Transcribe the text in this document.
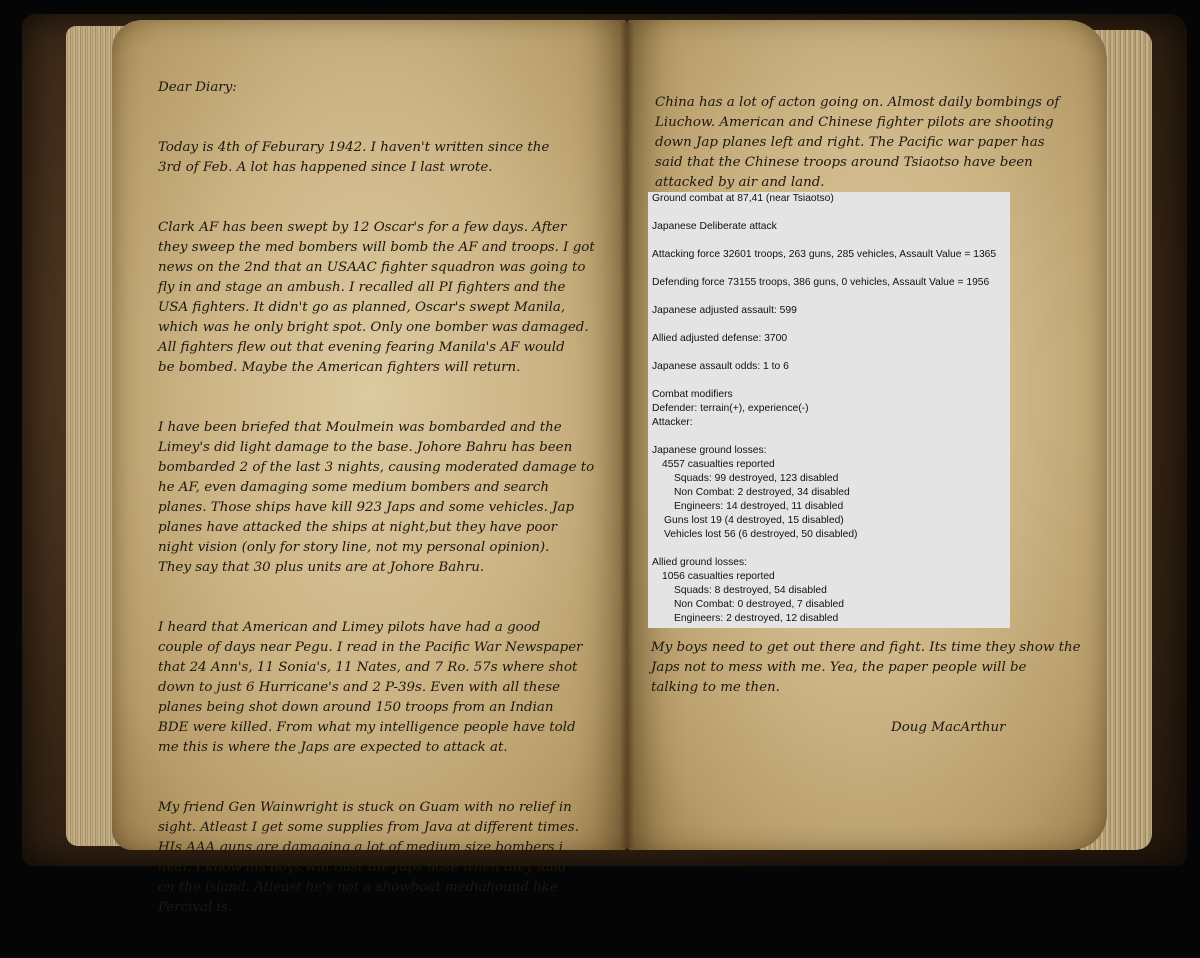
Dear Diary:

Today is 4th of Feburary 1942. I haven't written since the
3rd of Feb. A lot has happened since I last wrote.

Clark AF has been swept by 12 Oscar's for a few days. After
they sweep the med bombers will bomb the AF and troops. I got
news on the 2nd that an USAAC fighter squadron was going to
fly in and stage an ambush. I recalled all PI fighters and the
USA fighters. It didn't go as planned, Oscar's swept Manila,
which was he only bright spot. Only one bomber was damaged.
All fighters flew out that evening fearing Manila's AF would
be bombed. Maybe the American fighters will return.

I have been briefed that Moulmein was bombarded and the
Limey's did light damage to the base. Johore Bahru has been
bombarded 2 of the last 3 nights, causing moderated damage to
he AF, even damaging some medium bombers and search
planes. Those ships have kill 923 Japs and some vehicles. Jap
planes have attacked the ships at night,but they have poor
night vision (only for story line, not my personal opinion).
They say that 30 plus units are at Johore Bahru.

I heard that American and Limey pilots have had a good
couple of days near Pegu. I read in the Pacific War Newspaper
that 24 Ann's, 11 Sonia's, 11 Nates, and 7 Ro. 57s where shot
down to just 6 Hurricane's and 2 P-39s. Even with all these
planes being shot down around 150 troops from an Indian
BDE were killed. From what my intelligence people have told
me this is where the Japs are expected to attack at.

My friend Gen Wainwright is stuck on Guam with no relief in
sight. Atleast I get some supplies from Java at different times.
HIs AAA guns are damaging a lot of medium size bombers i
hear. I know his boys will bust the Japs nose when they land
on the island. Atleast he's not a showboat mediahound like
Percival is.

China has a lot of acton going on. Almost daily bombings of
Liuchow. American and Chinese fighter pilots are shooting
down Jap planes left and right. The Pacific war paper has
said that the Chinese troops around Tsiaotso have been
attacked by air and land.
Ground combat at 87,41 (near Tsiaotso)
Japanese Deliberate attack
Attacking force 32601 troops, 263 guns, 285 vehicles, Assault Value = 1365
Defending force 73155 troops, 386 guns, 0 vehicles, Assault Value = 1956
Japanese adjusted assault: 599
Allied adjusted defense: 3700
Japanese assault odds: 1 to 6
Combat modifiers
Defender: terrain(+), experience(-)
Attacker:
Japanese ground losses:
4557 casualties reported
Squads: 99 destroyed, 123 disabled
Non Combat: 2 destroyed, 34 disabled
Engineers: 14 destroyed, 11 disabled
Guns lost 19 (4 destroyed, 15 disabled)
Vehicles lost 56 (6 destroyed, 50 disabled)
Allied ground losses:
1056 casualties reported
Squads: 8 destroyed, 54 disabled
Non Combat: 0 destroyed, 7 disabled
Engineers: 2 destroyed, 12 disabled
My boys need to get out there and fight. Its time they show the
Japs not to mess with me. Yea, the paper people will be
talking to me then.
Doug MacArthur
